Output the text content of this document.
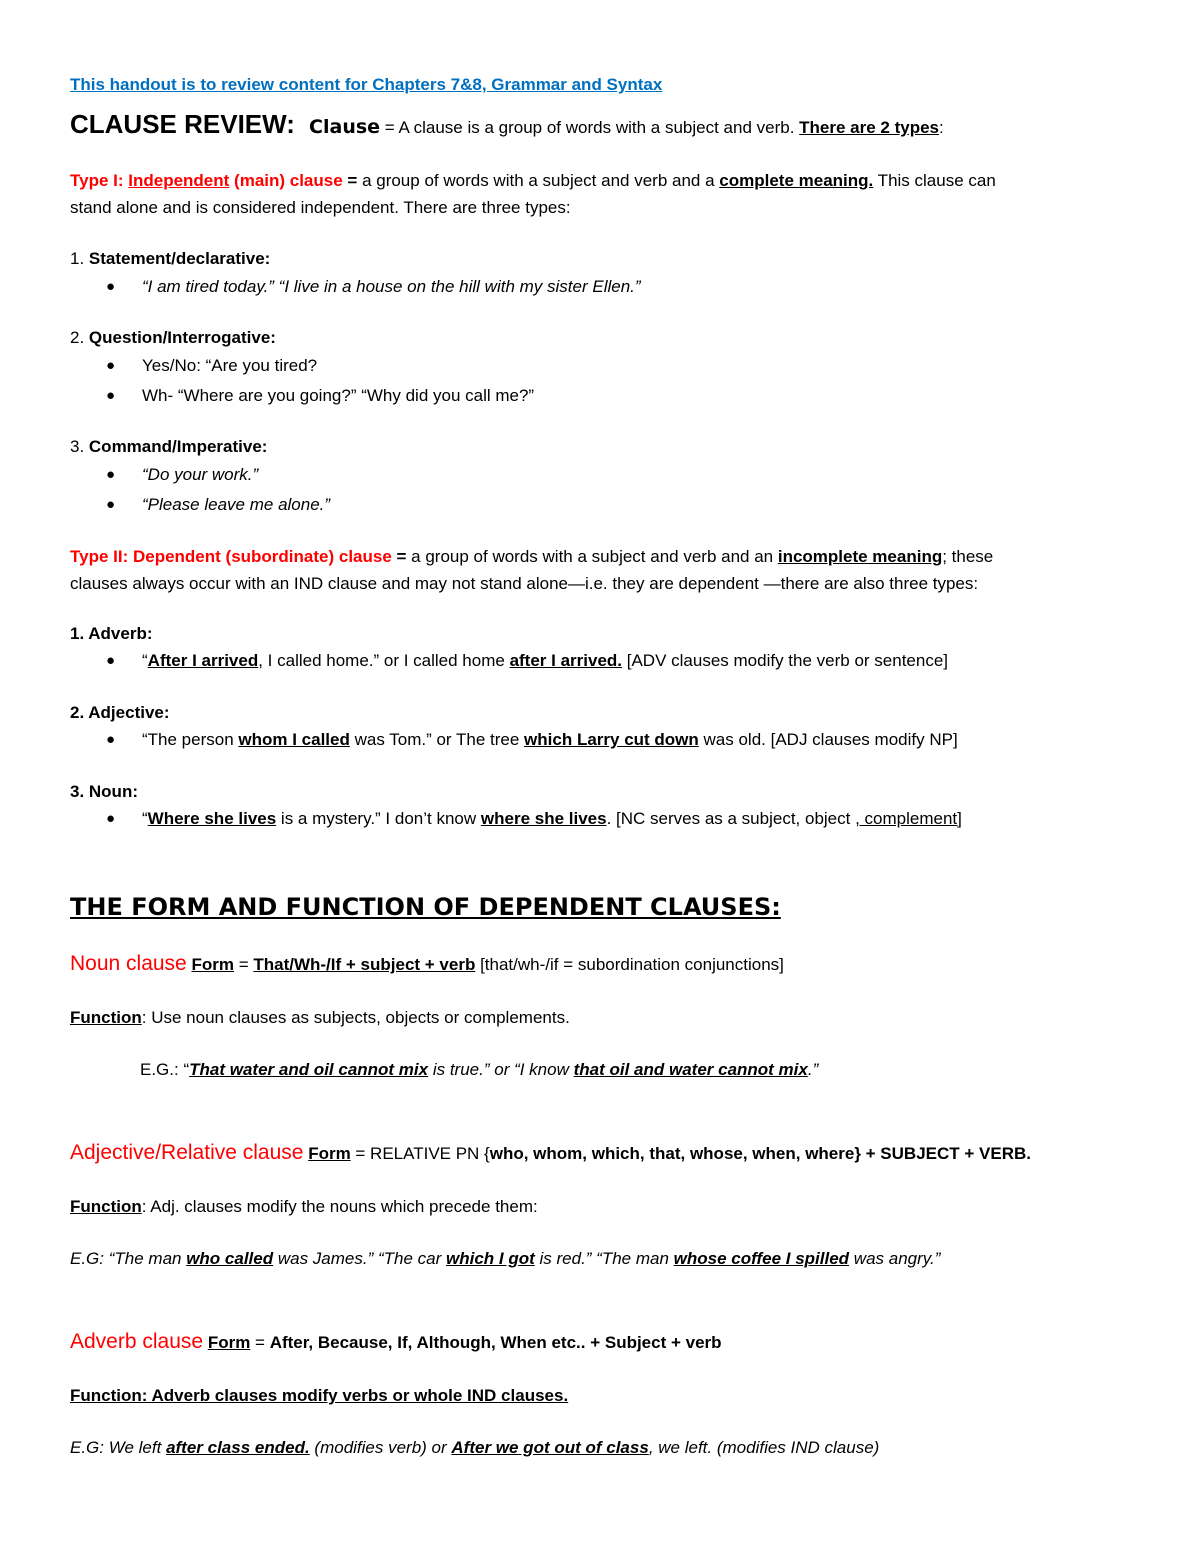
This handout is to review content for Chapters 7&8, Grammar and Syntax
CLAUSE REVIEW: Clause = A clause is a group of words with a subject and verb. There are 2 types:
Type I: Independent (main) clause = a group of words with a subject and verb and a complete meaning. This clause can
stand alone and is considered independent. There are three types:
1. Statement/declarative:
● “I am tired today.” “I live in a house on the hill with my sister Ellen.”
2. Question/Interrogative:
● Yes/No: “Are you tired?
● Wh- “Where are you going?” “Why did you call me?”
3. Command/Imperative:
● “Do your work.”
● “Please leave me alone.”
Type II: Dependent (subordinate) clause = a group of words with a subject and verb and an incomplete meaning; these
clauses always occur with an IND clause and may not stand alone—i.e. they are dependent —there are also three types:
1. Adverb:
● “After I arrived, I called home.” or I called home after I arrived. [ADV clauses modify the verb or sentence]
2. Adjective:
● “The person whom I called was Tom.” or The tree which Larry cut down was old. [ADJ clauses modify NP]
3. Noun:
● “Where she lives is a mystery.” I don’t know where she lives. [NC serves as a subject, object , complement]
THE FORM AND FUNCTION OF DEPENDENT CLAUSES:
Noun clause Form = That/Wh-/If + subject + verb [that/wh-/if = subordination conjunctions]
Function: Use noun clauses as subjects, objects or complements.
E.G.: “That water and oil cannot mix is true.” or “I know that oil and water cannot mix.”
Adjective/Relative clause Form = RELATIVE PN {who, whom, which, that, whose, when, where} + SUBJECT + VERB.
Function: Adj. clauses modify the nouns which precede them:
E.G: “The man who called was James.” “The car which I got is red.” “The man whose coffee I spilled was angry.”
Adverb clause Form = After, Because, If, Although, When etc.. + Subject + verb
Function: Adverb clauses modify verbs or whole IND clauses.
E.G: We left after class ended. (modifies verb) or After we got out of class, we left. (modifies IND clause)
